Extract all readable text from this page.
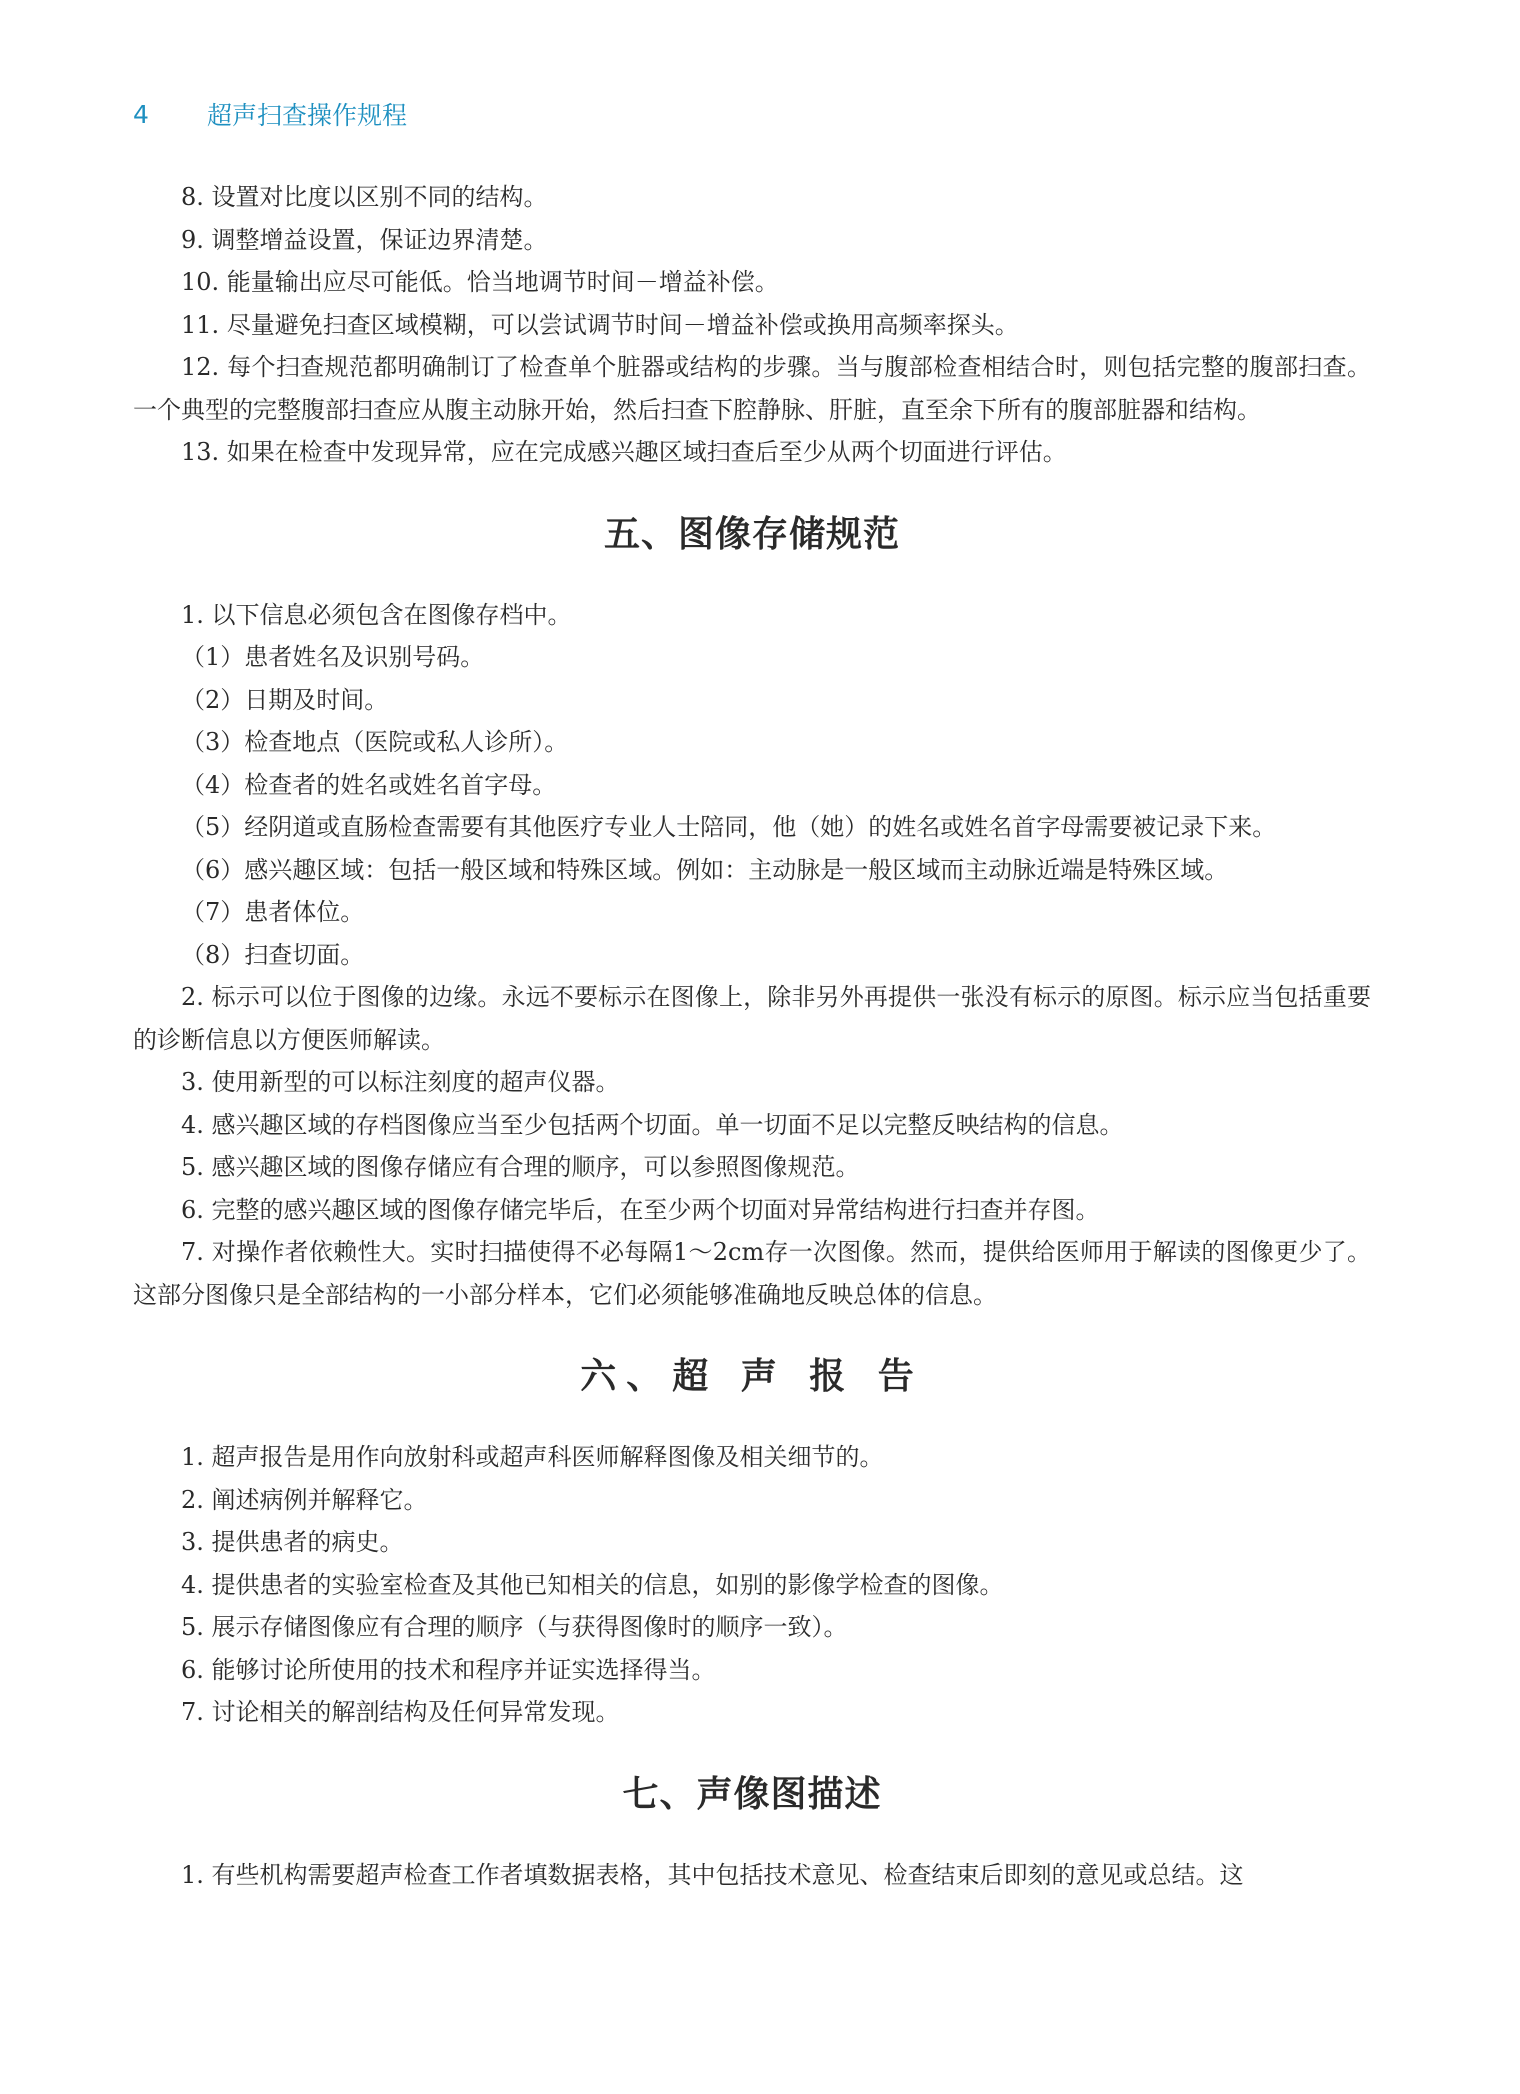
4	超声扫查操作规程

8. 设置对比度以区别不同的结构。

9. 调整增益设置，保证边界清楚。

10. 能量输出应尽可能低。恰当地调节时间－增益补偿。

11. 尽量避免扫查区域模糊，可以尝试调节时间－增益补偿或换用高频率探头。

12. 每个扫查规范都明确制订了检查单个脏器或结构的步骤。当与腹部检查相结合时，则包括完整的腹部扫查。一个典型的完整腹部扫查应从腹主动脉开始，然后扫查下腔静脉、肝脏，直至余下所有的腹部脏器和结构。

13. 如果在检查中发现异常，应在完成感兴趣区域扫查后至少从两个切面进行评估。

五、图像存储规范

1. 以下信息必须包含在图像存档中。

（1）患者姓名及识别号码。

（2）日期及时间。

（3）检查地点（医院或私人诊所）。

（4）检查者的姓名或姓名首字母。

（5）经阴道或直肠检查需要有其他医疗专业人士陪同，他（她）的姓名或姓名首字母需要被记录下来。

（6）感兴趣区域：包括一般区域和特殊区域。例如：主动脉是一般区域而主动脉近端是特殊区域。

（7）患者体位。

（8）扫查切面。

2. 标示可以位于图像的边缘。永远不要标示在图像上，除非另外再提供一张没有标示的原图。标示应当包括重要的诊断信息以方便医师解读。

3. 使用新型的可以标注刻度的超声仪器。

4. 感兴趣区域的存档图像应当至少包括两个切面。单一切面不足以完整反映结构的信息。

5. 感兴趣区域的图像存储应有合理的顺序，可以参照图像规范。

6. 完整的感兴趣区域的图像存储完毕后，在至少两个切面对异常结构进行扫查并存图。

7. 对操作者依赖性大。实时扫描使得不必每隔1～2cm存一次图像。然而，提供给医师用于解读的图像更少了。这部分图像只是全部结构的一小部分样本，它们必须能够准确地反映总体的信息。

六、超 声 报 告

1. 超声报告是用作向放射科或超声科医师解释图像及相关细节的。

2. 阐述病例并解释它。

3. 提供患者的病史。

4. 提供患者的实验室检查及其他已知相关的信息，如别的影像学检查的图像。

5. 展示存储图像应有合理的顺序（与获得图像时的顺序一致）。

6. 能够讨论所使用的技术和程序并证实选择得当。

7. 讨论相关的解剖结构及任何异常发现。

七、声像图描述

1. 有些机构需要超声检查工作者填数据表格，其中包括技术意见、检查结束后即刻的意见或总结。这
